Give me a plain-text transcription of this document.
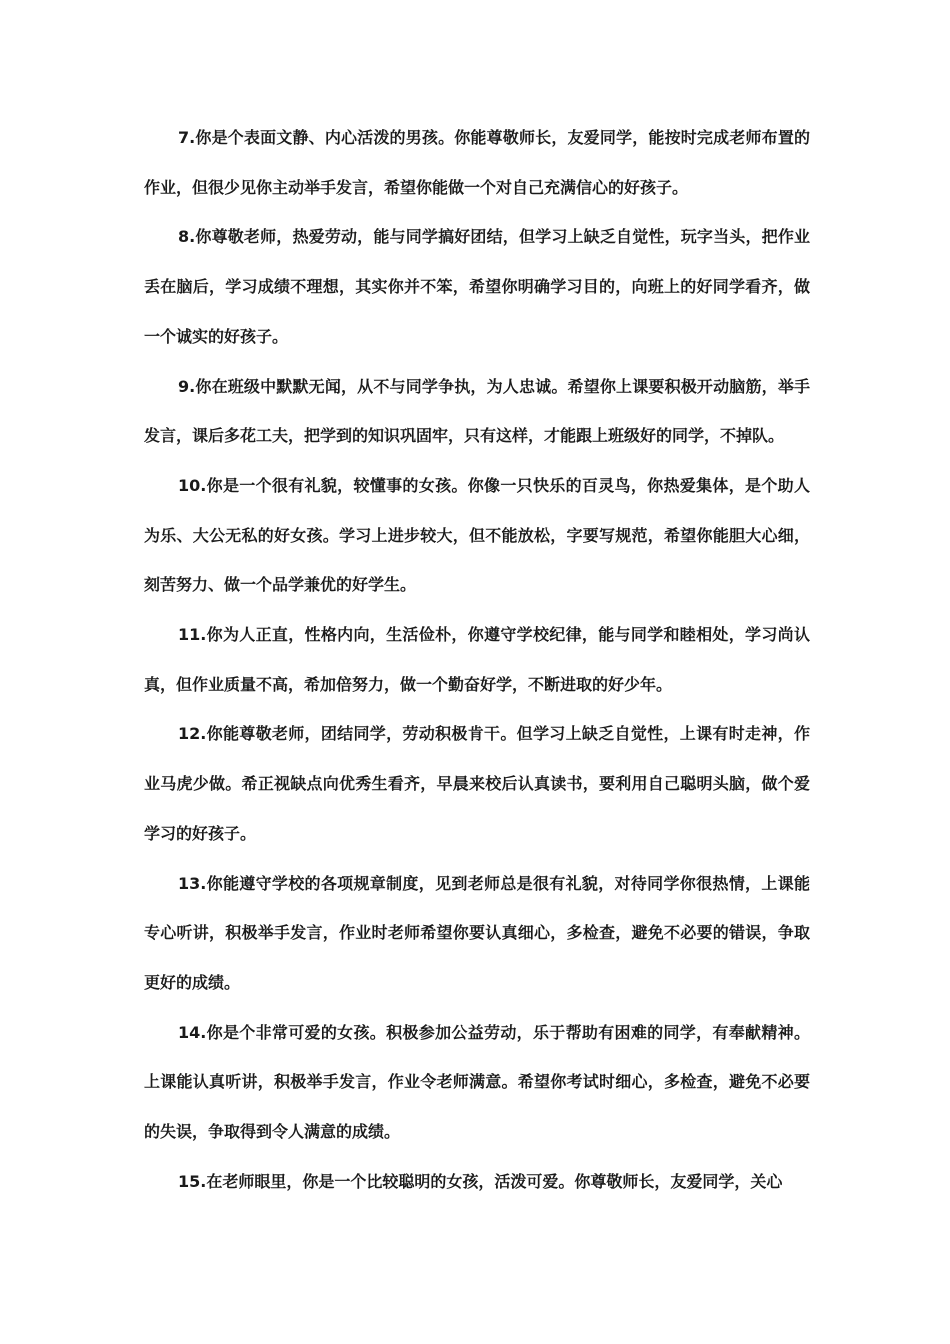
7.你是个表面文静、内心活泼的男孩。你能尊敬师长，友爱同学，能按时完成老师布置的作业，但很少见你主动举手发言，希望你能做一个对自己充满信心的好孩子。

8.你尊敬老师，热爱劳动，能与同学搞好团结，但学习上缺乏自觉性，玩字当头，把作业丢在脑后，学习成绩不理想，其实你并不笨，希望你明确学习目的，向班上的好同学看齐，做一个诚实的好孩子。

9.你在班级中默默无闻，从不与同学争执，为人忠诚。希望你上课要积极开动脑筋，举手发言，课后多花工夫，把学到的知识巩固牢，只有这样，才能跟上班级好的同学，不掉队。

10.你是一个很有礼貌，较懂事的女孩。你像一只快乐的百灵鸟，你热爱集体，是个助人为乐、大公无私的好女孩。学习上进步较大，但不能放松，字要写规范，希望你能胆大心细，刻苦努力、做一个品学兼优的好学生。

11.你为人正直，性格内向，生活俭朴，你遵守学校纪律，能与同学和睦相处，学习尚认真，但作业质量不高，希加倍努力，做一个勤奋好学，不断进取的好少年。

12.你能尊敬老师，团结同学，劳动积极肯干。但学习上缺乏自觉性，上课有时走神，作业马虎少做。希正视缺点向优秀生看齐，早晨来校后认真读书，要利用自己聪明头脑，做个爱学习的好孩子。

13.你能遵守学校的各项规章制度，见到老师总是很有礼貌，对待同学你很热情，上课能专心听讲，积极举手发言，作业时老师希望你要认真细心，多检查，避免不必要的错误，争取更好的成绩。

14.你是个非常可爱的女孩。积极参加公益劳动，乐于帮助有困难的同学，有奉献精神。上课能认真听讲，积极举手发言，作业令老师满意。希望你考试时细心，多检查，避免不必要的失误，争取得到令人满意的成绩。

15.在老师眼里，你是一个比较聪明的女孩，活泼可爱。你尊敬师长，友爱同学，关心
